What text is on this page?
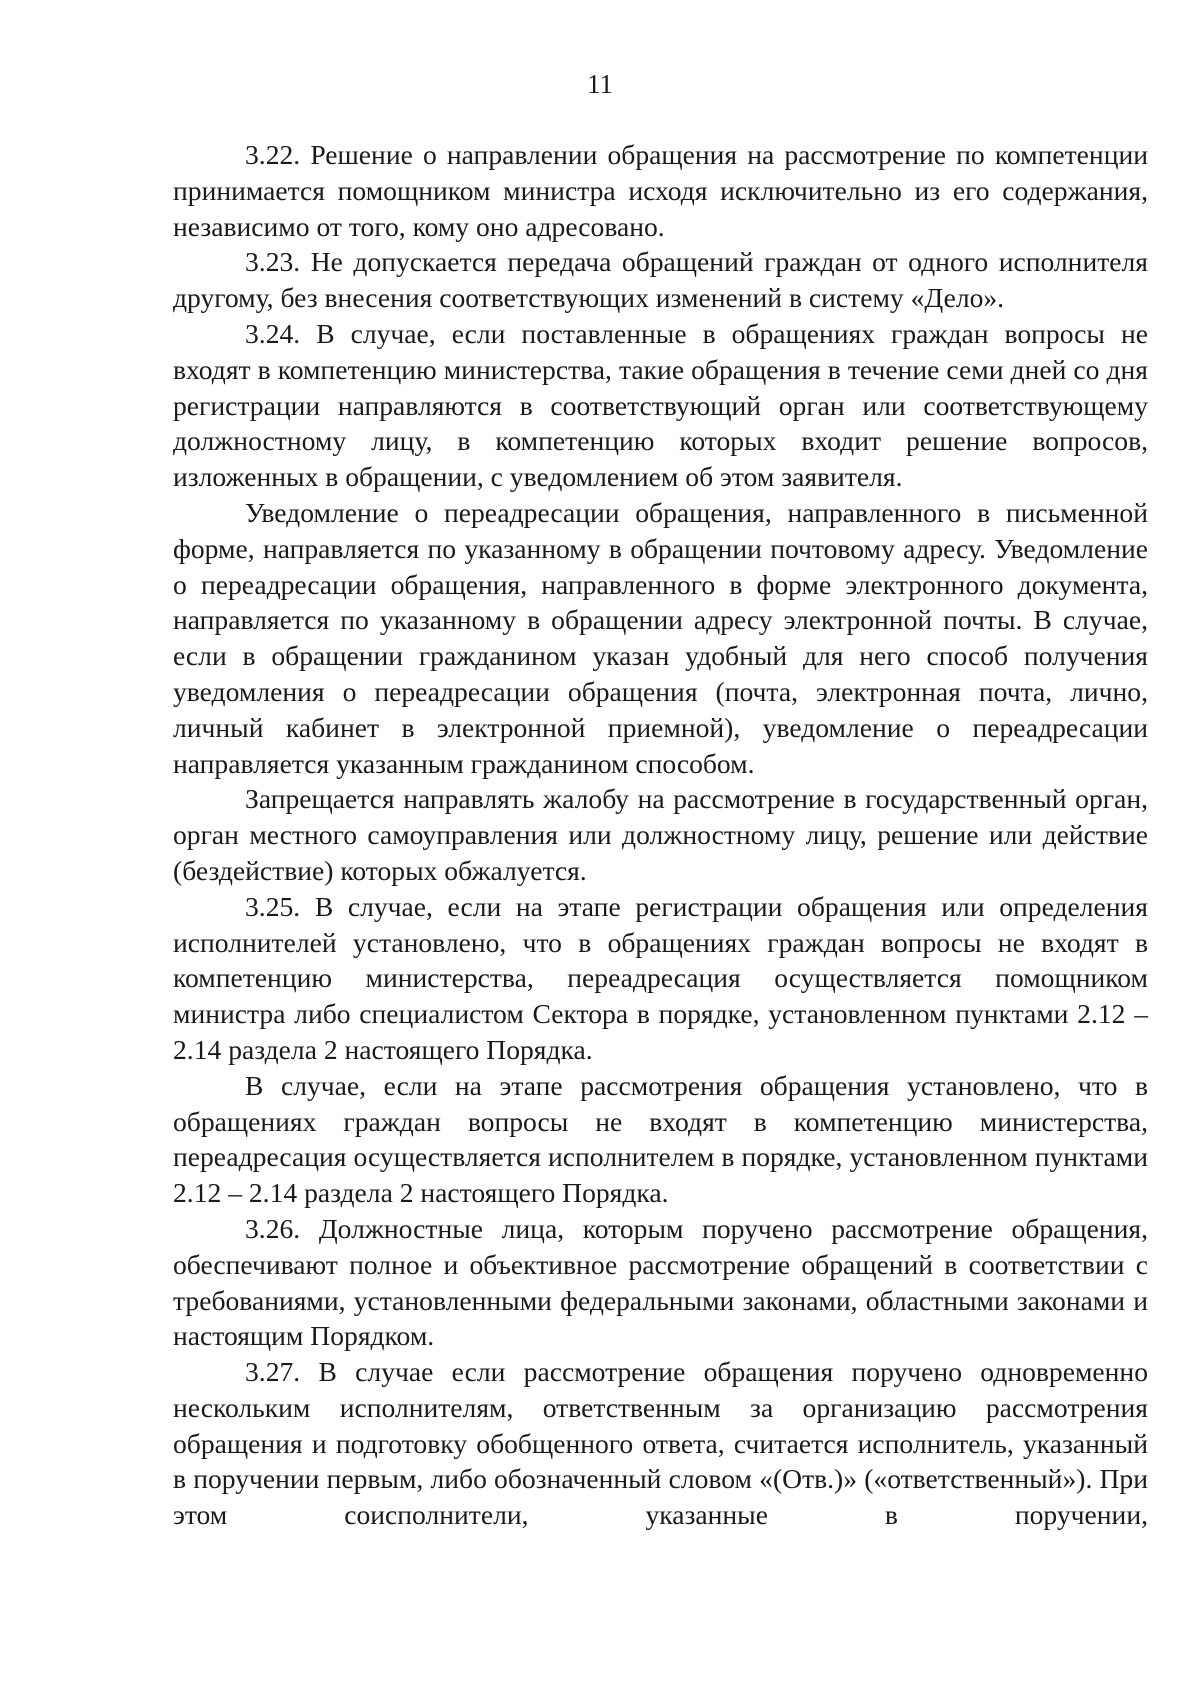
11

3.22. Решение о направлении обращения на рассмотрение по компетенции принимается помощником министра исходя исключительно из его содержания, независимо от того, кому оно адресовано.

3.23. Не допускается передача обращений граждан от одного исполнителя другому, без внесения соответствующих изменений в систему «Дело».

3.24. В случае, если поставленные в обращениях граждан вопросы не входят в компетенцию министерства, такие обращения в течение семи дней со дня регистрации направляются в соответствующий орган или соответствующему должностному лицу, в компетенцию которых входит решение вопросов, изложенных в обращении, с уведомлением об этом заявителя.

Уведомление о переадресации обращения, направленного в письменной форме, направляется по указанному в обращении почтовому адресу. Уведомление о переадресации обращения, направленного в форме электронного документа, направляется по указанному в обращении адресу электронной почты. В случае, если в обращении гражданином указан удобный для него способ получения уведомления о переадресации обращения (почта, электронная почта, лично, личный кабинет в электронной приемной), уведомление о переадресации направляется указанным гражданином способом.

Запрещается направлять жалобу на рассмотрение в государственный орган, орган местного самоуправления или должностному лицу, решение или действие (бездействие) которых обжалуется.

3.25. В случае, если на этапе регистрации обращения или определения исполнителей установлено, что в обращениях граждан вопросы не входят в компетенцию министерства, переадресация осуществляется помощником министра либо специалистом Сектора в порядке, установленном пунктами 2.12 – 2.14 раздела 2 настоящего Порядка.

В случае, если на этапе рассмотрения обращения установлено, что в обращениях граждан вопросы не входят в компетенцию министерства, переадресация осуществляется исполнителем в порядке, установленном пунктами 2.12 – 2.14 раздела 2 настоящего Порядка.

3.26. Должностные лица, которым поручено рассмотрение обращения, обеспечивают полное и объективное рассмотрение обращений в соответствии с требованиями, установленными федеральными законами, областными законами и настоящим Порядком.

3.27. В случае если рассмотрение обращения поручено одновременно нескольким исполнителям, ответственным за организацию рассмотрения обращения и подготовку обобщенного ответа, считается исполнитель, указанный в поручении первым, либо обозначенный словом «(Отв.)» («ответственный»). При этом соисполнители, указанные в поручении,
